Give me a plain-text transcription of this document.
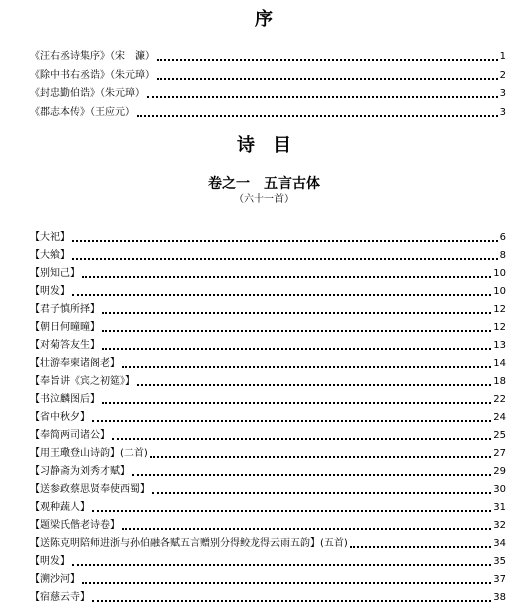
序
《汪右丞诗集序》（宋　濂）	1
《除中书右丞诰》（朱元璋）	2
《封忠勤伯诰》（朱元璋）	3
《郡志本传》（王应元）	3
诗　目
卷之一　五言古体
（六十一首）
【大祀】	6
【大飨】	8
【别知己】	10
【明发】	10
【君子慎所择】	12
【朝日何曈曈】	12
【对菊答友生】	13
【壮游奉柬诸阁老】	14
【奉旨讲《宾之初筵》】	18
【书泣麟图后】	22
【省中秋夕】	24
【奉简两司诸公】	25
【用王璥登山诗韵】(二首)	27
【习静斋为刘秀才赋】	29
【送参政蔡思贤奉使西蜀】	30
【观种蔬人】	31
【题梁氏偕老诗卷】	32
【送陈克明陪师进浙与孙伯融各赋五言赠别分得鲛龙得云雨五韵】(五首)	34
【明发】	35
【溯沙河】	37
【宿慈云寺】	38
